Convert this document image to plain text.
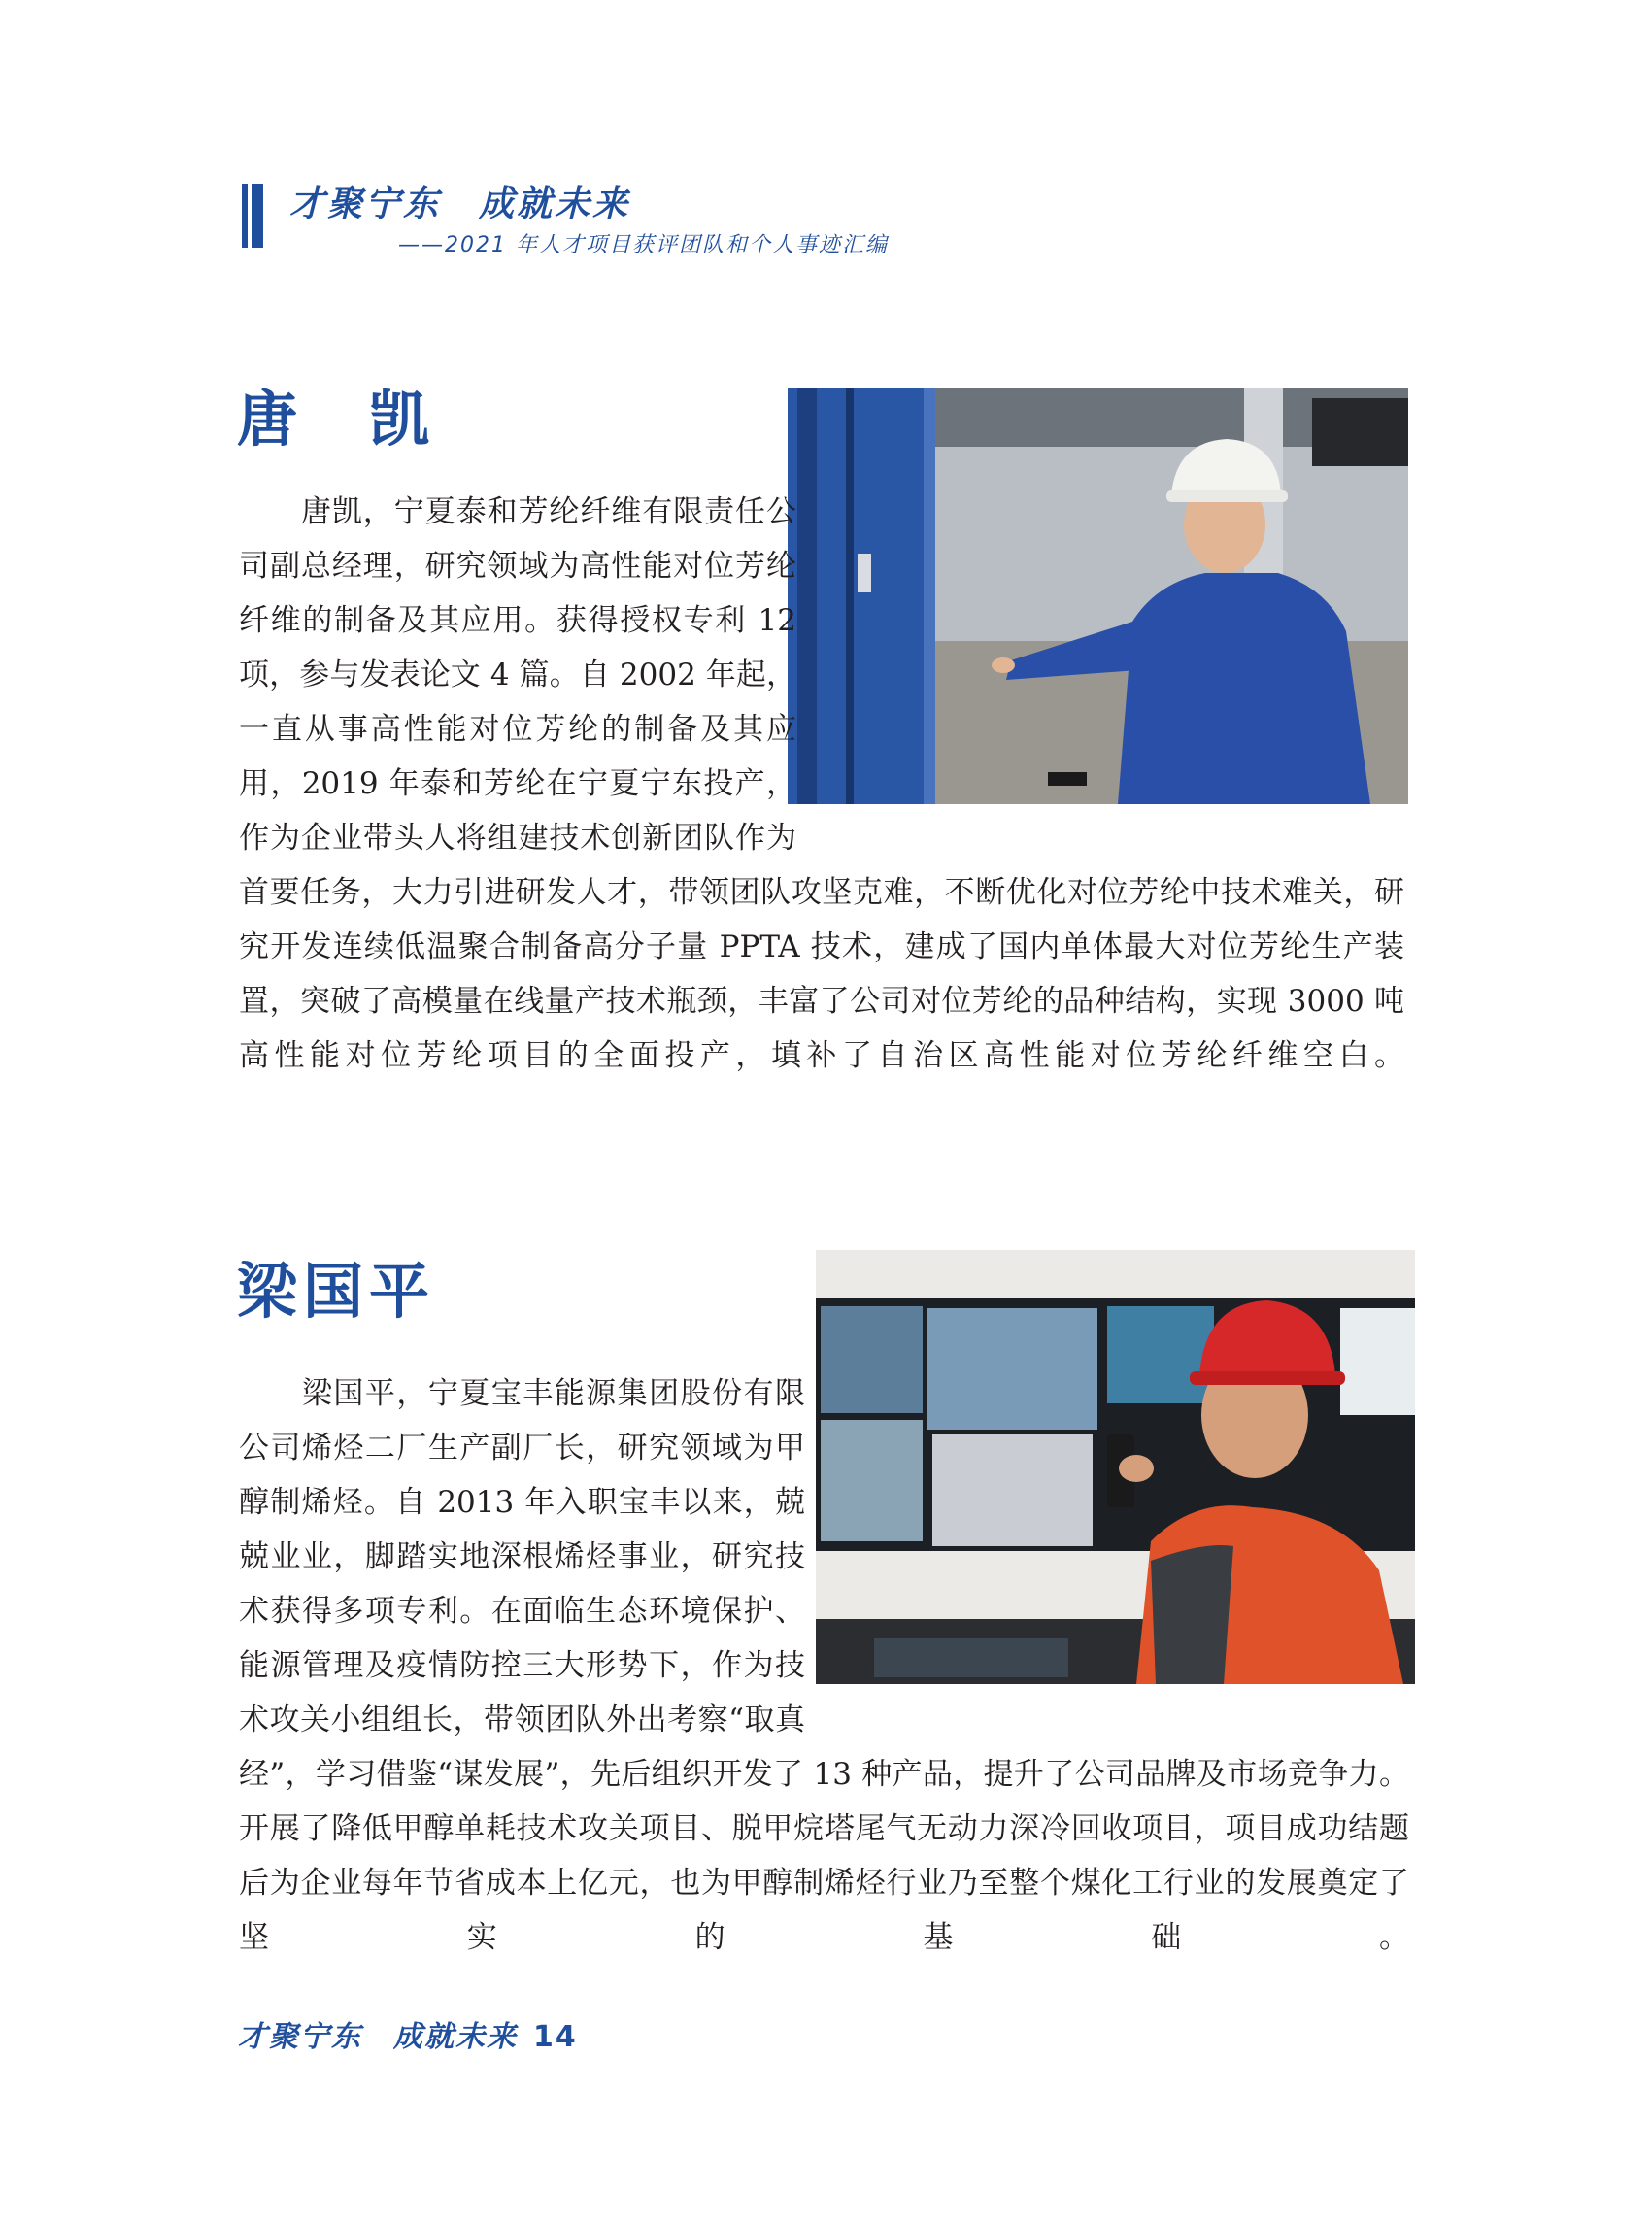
才聚宁东　成就未来
——2021 年人才项目获评团队和个人事迹汇编
唐　凯

　　唐凯，宁夏泰和芳纶纤维有限责任公司副总经理，研究领域为高性能对位芳纶纤维的制备及其应用。获得授权专利 12 项，参与发表论文 4 篇。自 2002 年起，一直从事高性能对位芳纶的制备及其应用，2019 年泰和芳纶在宁夏宁东投产，作为企业带头人将组建技术创新团队作为首要任务，大力引进研发人才，带领团队攻坚克难，不断优化对位芳纶中技术难关，研究开发连续低温聚合制备高分子量 PPTA 技术，建成了国内单体最大对位芳纶生产装置，突破了高模量在线量产技术瓶颈，丰富了公司对位芳纶的品种结构，实现 3000 吨高性能对位芳纶项目的全面投产，填补了自治区高性能对位芳纶纤维空白。

梁国平

　　梁国平，宁夏宝丰能源集团股份有限公司烯烃二厂生产副厂长，研究领域为甲醇制烯烃。自 2013 年入职宝丰以来，兢兢业业，脚踏实地深根烯烃事业，研究技术获得多项专利。在面临生态环境保护、能源管理及疫情防控三大形势下，作为技术攻关小组组长，带领团队外出考察“取真经”，学习借鉴“谋发展”，先后组织开发了 13 种产品，提升了公司品牌及市场竞争力。开展了降低甲醇单耗技术攻关项目、脱甲烷塔尾气无动力深冷回收项目，项目成功结题后为企业每年节省成本上亿元，也为甲醇制烯烃行业乃至整个煤化工行业的发展奠定了坚实的基础。

才聚宁东　成就未来 14
